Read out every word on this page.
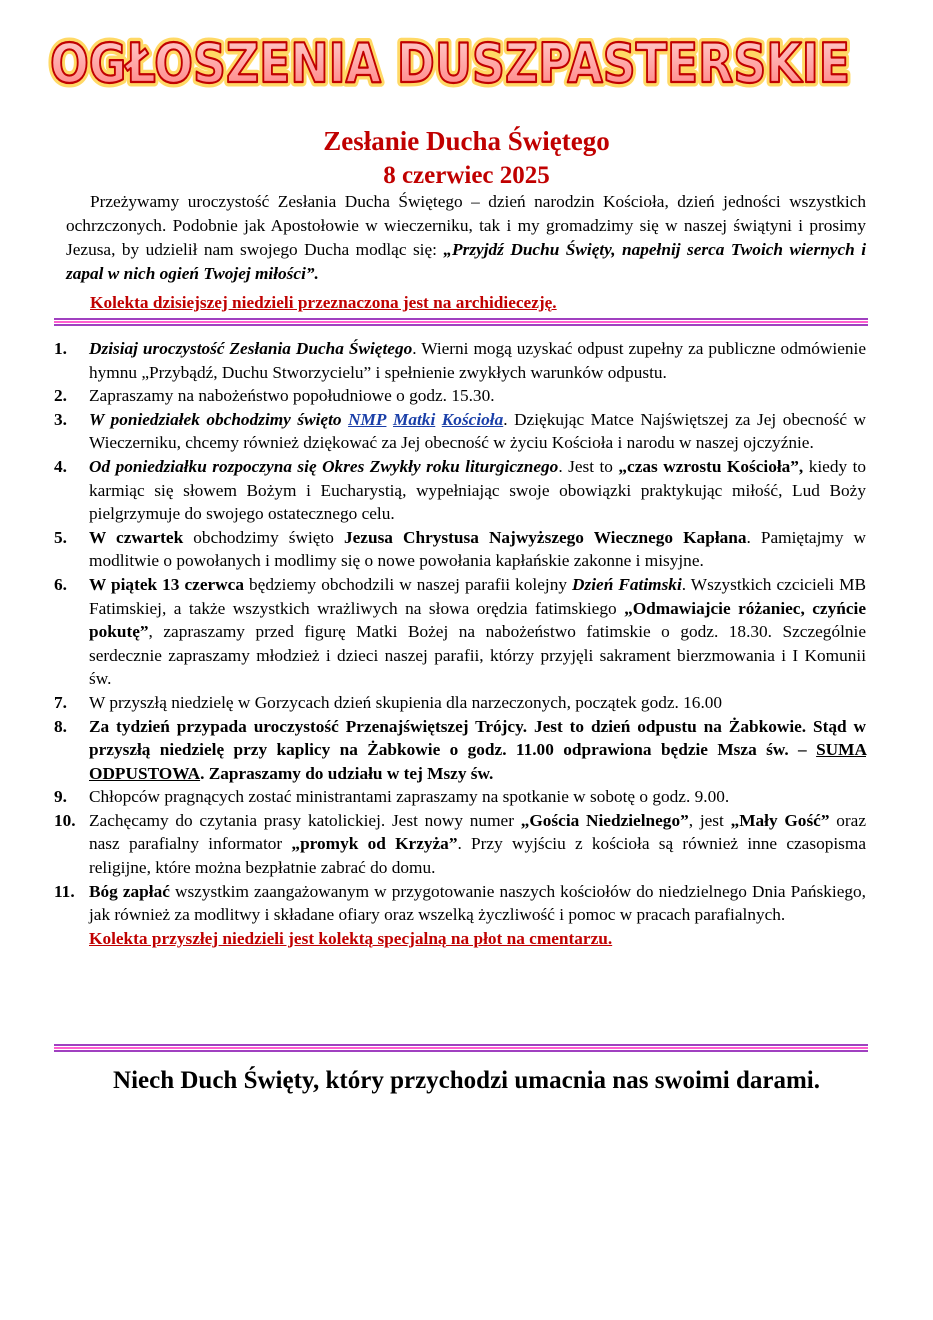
OGŁOSZENIA DUSZPASTERSKIE
OGŁOSZENIA DUSZPASTERSKIE
Zesłanie Ducha Świętego
8 czerwiec 2025
Przeżywamy uroczystość Zesłania Ducha Świętego – dzień narodzin Kościoła, dzień jedności wszystkich ochrzczonych. Podobnie jak Apostołowie w wieczerniku, tak i my gromadzimy się w naszej świątyni i prosimy Jezusa, by udzielił nam swojego Ducha modląc się: „Przyjdź Duchu Święty, napełnij serca Twoich wiernych i zapal w nich ogień Twojej miłości”.
Kolekta dzisiejszej niedzieli przeznaczona jest na archidiecezję.
1. Dzisiaj uroczystość Zesłania Ducha Świętego. Wierni mogą uzyskać odpust zupełny za publiczne odmówienie hymnu „Przybądź, Duchu Stworzycielu” i spełnienie zwykłych warunków odpustu.
2. Zapraszamy na nabożeństwo popołudniowe o godz. 15.30.
3. W poniedziałek obchodzimy święto NMP Matki Kościoła. Dziękując Matce Najświętszej za Jej obecność w Wieczerniku, chcemy również dziękować za Jej obecność w życiu Kościoła i narodu w naszej ojczyźnie.
4. Od poniedziałku rozpoczyna się Okres Zwykły roku liturgicznego. Jest to „czas wzrostu Kościoła”, kiedy to karmiąc się słowem Bożym i Eucharystią, wypełniając swoje obowiązki praktykując miłość, Lud Boży pielgrzymuje do swojego ostatecznego celu.
5. W czwartek obchodzimy święto Jezusa Chrystusa Najwyższego Wiecznego Kapłana. Pamiętajmy w modlitwie o powołanych i modlimy się o nowe powołania kapłańskie zakonne i misyjne.
6. W piątek 13 czerwca będziemy obchodzili w naszej parafii kolejny Dzień Fatimski. Wszystkich czcicieli MB Fatimskiej, a także wszystkich wrażliwych na słowa orędzia fatimskiego „Odmawiajcie różaniec, czyńcie pokutę”, zapraszamy przed figurę Matki Bożej na nabożeństwo fatimskie o godz. 18.30. Szczególnie serdecznie zapraszamy młodzież i dzieci naszej parafii, którzy przyjęli sakrament bierzmowania i I Komunii św.
7. W przyszłą niedzielę w Gorzycach dzień skupienia dla narzeczonych, początek godz. 16.00
8. Za tydzień przypada uroczystość Przenajświętszej Trójcy. Jest to dzień odpustu na Żabkowie. Stąd w przyszłą niedzielę przy kaplicy na Żabkowie o godz. 11.00 odprawiona będzie Msza św. – SUMA ODPUSTOWA. Zapraszamy do udziału w tej Mszy św.
9. Chłopców pragnących zostać ministrantami zapraszamy na spotkanie w sobotę o godz. 9.00.
10. Zachęcamy do czytania prasy katolickiej. Jest nowy numer „Gościa Niedzielnego”, jest „Mały Gość” oraz nasz parafialny informator „promyk od Krzyża”. Przy wyjściu z kościoła są również inne czasopisma religijne, które można bezpłatnie zabrać do domu.
11. Bóg zapłać wszystkim zaangażowanym w przygotowanie naszych kościołów do niedzielnego Dnia Pańskiego, jak również za modlitwy i składane ofiary oraz wszelką życzliwość i pomoc w pracach parafialnych.
Kolekta przyszłej niedzieli jest kolektą specjalną na płot na cmentarzu.
Niech Duch Święty, który przychodzi umacnia nas swoimi darami.
